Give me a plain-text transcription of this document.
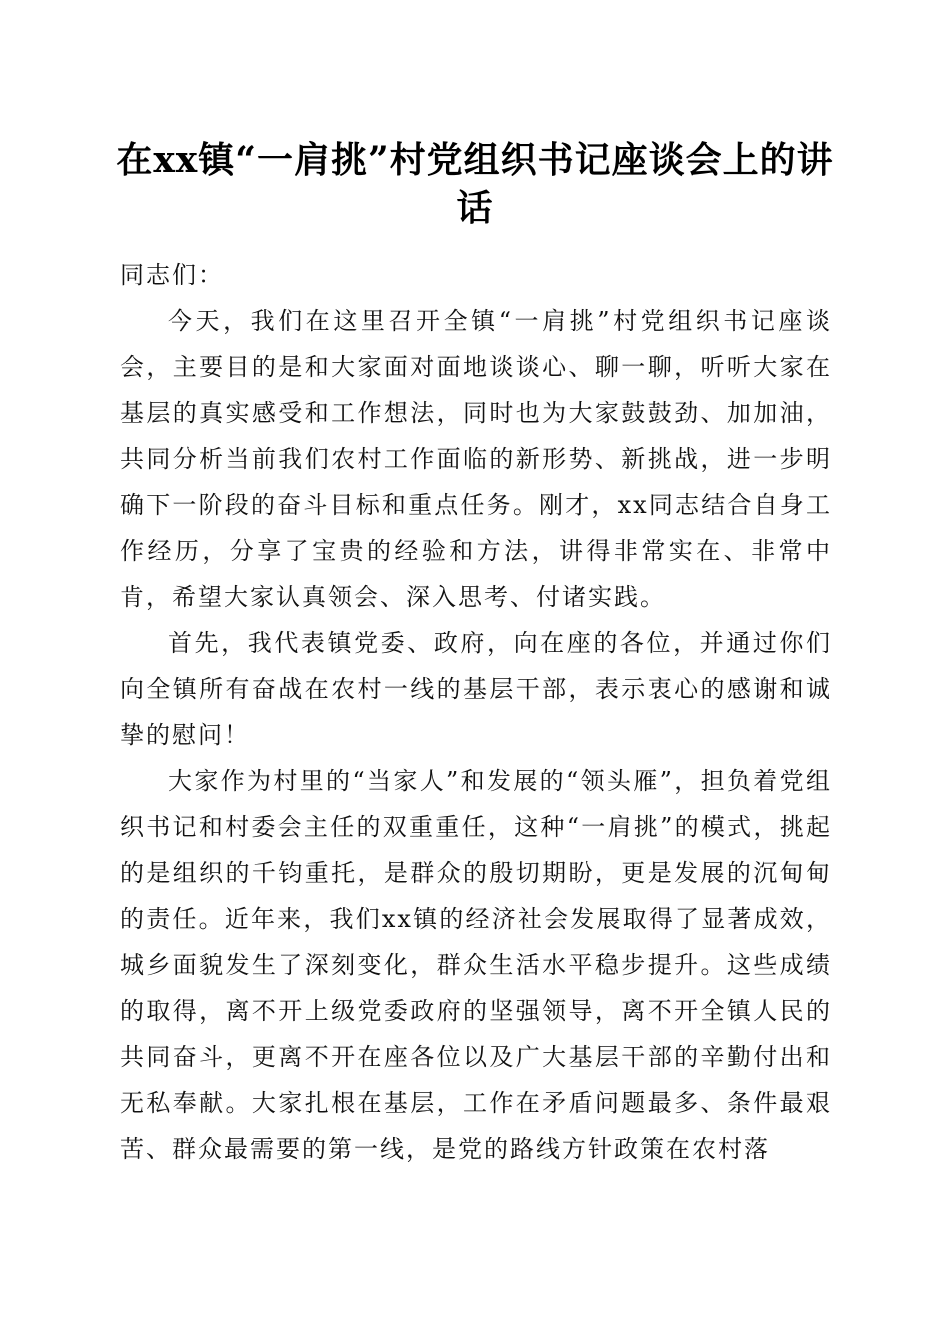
在xx镇“一肩挑”村党组织书记座谈会上的讲话

同志们：

今天，我们在这里召开全镇“一肩挑”村党组织书记座谈会，主要目的是和大家面对面地谈谈心、聊一聊，听听大家在基层的真实感受和工作想法，同时也为大家鼓鼓劲、加加油，共同分析当前我们农村工作面临的新形势、新挑战，进一步明确下一阶段的奋斗目标和重点任务。刚才，xx同志结合自身工作经历，分享了宝贵的经验和方法，讲得非常实在、非常中肯，希望大家认真领会、深入思考、付诸实践。

首先，我代表镇党委、政府，向在座的各位，并通过你们向全镇所有奋战在农村一线的基层干部，表示衷心的感谢和诚挚的慰问！

大家作为村里的“当家人”和发展的“领头雁”，担负着党组织书记和村委会主任的双重重任，这种“一肩挑”的模式，挑起的是组织的千钧重托，是群众的殷切期盼，更是发展的沉甸甸的责任。近年来，我们xx镇的经济社会发展取得了显著成效，城乡面貌发生了深刻变化，群众生活水平稳步提升。这些成绩的取得，离不开上级党委政府的坚强领导，离不开全镇人民的共同奋斗，更离不开在座各位以及广大基层干部的辛勤付出和无私奉献。大家扎根在基层，工作在矛盾问题最多、条件最艰苦、群众最需要的第一线，是党的路线方针政策在农村落
